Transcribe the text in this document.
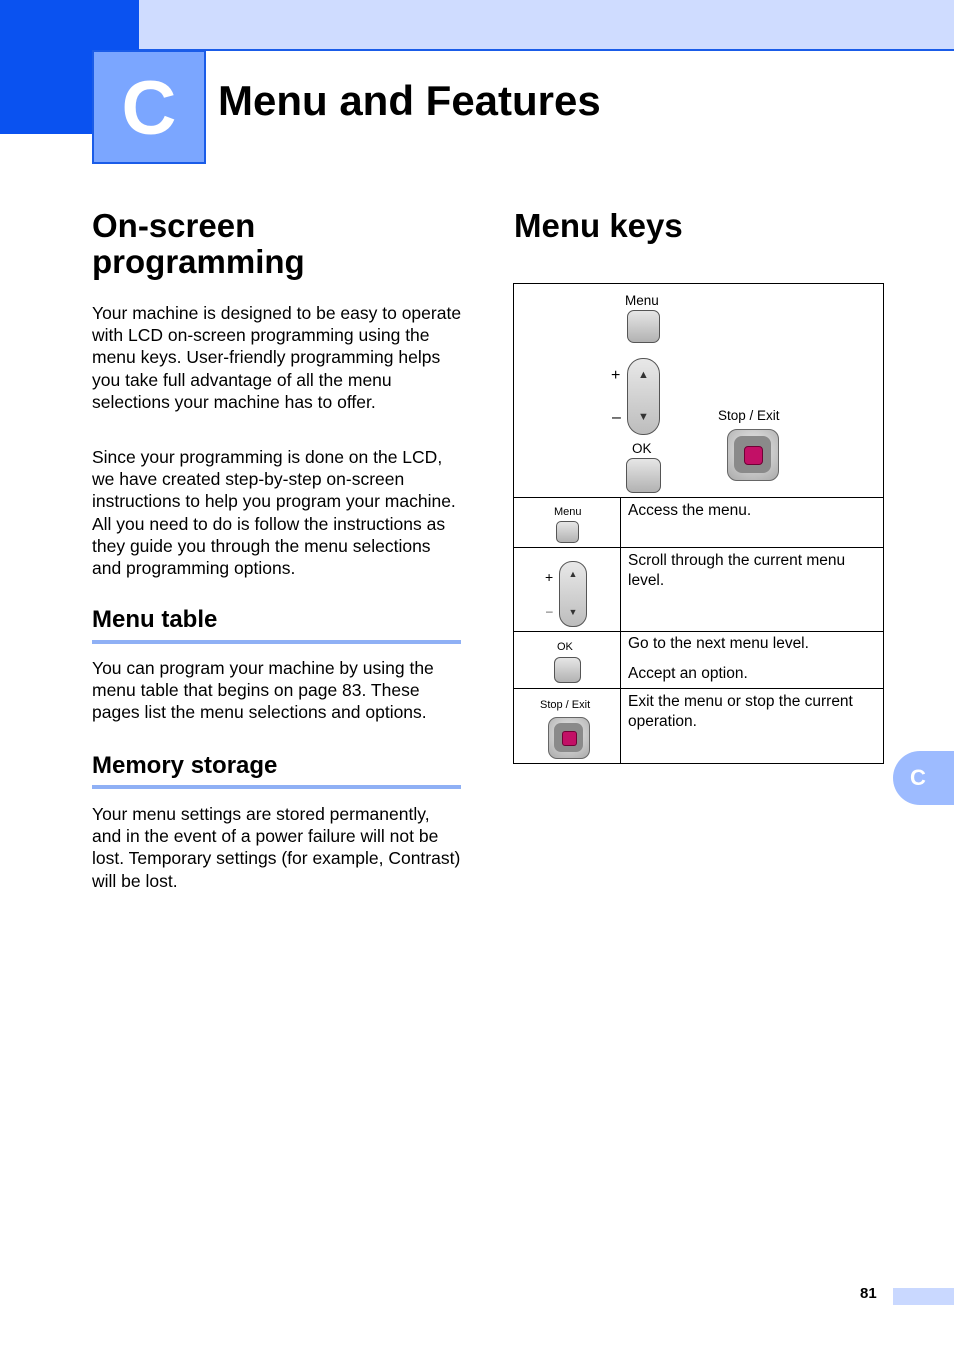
C Menu and Features
On-screen programming

Your machine is designed to be easy to operate with LCD on-screen programming using the menu keys. User-friendly programming helps you take full advantage of all the menu selections your machine has to offer.

Since your programming is done on the LCD, we have created step-by-step on-screen instructions to help you program your machine. All you need to do is follow the instructions as they guide you through the menu selections and programming options.

Menu table

You can program your machine by using the menu table that begins on page 83. These pages list the menu selections and options.

Memory storage

Your menu settings are stored permanently, and in the event of a power failure will not be lost. Temporary settings (for example, Contrast) will be lost.

Menu keys
Menu
+
–
▲
▼
OK
Stop / Exit
Menu	Access the menu.

+
–
▲
▼

Scroll through the current menu level.

OK	Go to the next menu level.

Accept an option.

Stop / Exit Exit the menu or stop the current operation.

C
81
